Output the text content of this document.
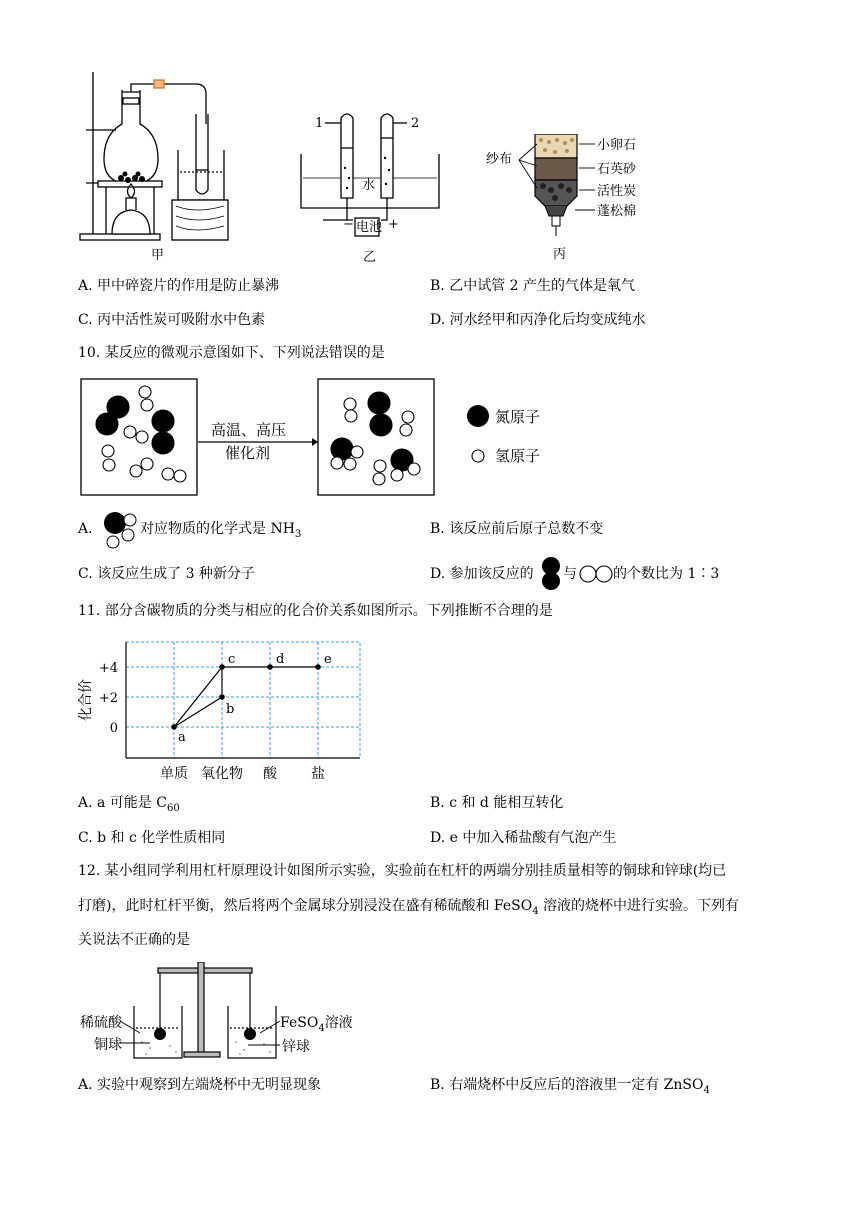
甲
1	2
水
电池
−	+
乙
纱布
小卵石
石英砂
活性炭
蓬松棉
丙
A. 甲中碎瓷片的作用是防止暴沸	B. 乙中试管 2 产生的气体是氧气
C. 丙中活性炭可吸附水中色素	D. 河水经甲和丙净化后均变成纯水
10. 某反应的微观示意图如下、下列说法错误的是
高温、高压
催化剂
氮原子
氢原子
A.	对应物质的化学式是 $NH_3$	B. 该反应前后原子总数不变
C. 该反应生成了 3 种新分子	D. 参加该反应的 与	的个数比为 1∶3
11. 部分含碳物质的分类与相应的化合价关系如图所示。下列推断不合理的是
+4
+2
0
化合价
单质 氧化物 酸 盐
a
b
c	d	e
A. a 可能是 $C_{60}$	B. c 和 d 能相互转化
C. b 和 c 化学性质相同	D. e 中加入稀盐酸有气泡产生
12. 某小组同学利用杠杆原理设计如图所示实验，实验前在杠杆的两端分别挂质量相等的铜球和锌球(均已
打磨)，此时杠杆平衡，然后将两个金属球分别浸没在盛有稀硫酸和 FeSO$_4$ 溶液的烧杯中进行实验。下列有
关说法不正确的是
稀硫酸
铜球
FeSO$_4$溶液
锌球
A. 实验中观察到左端烧杯中无明显现象	B. 右端烧杯中反应后的溶液里一定有 ZnSO$_4$
